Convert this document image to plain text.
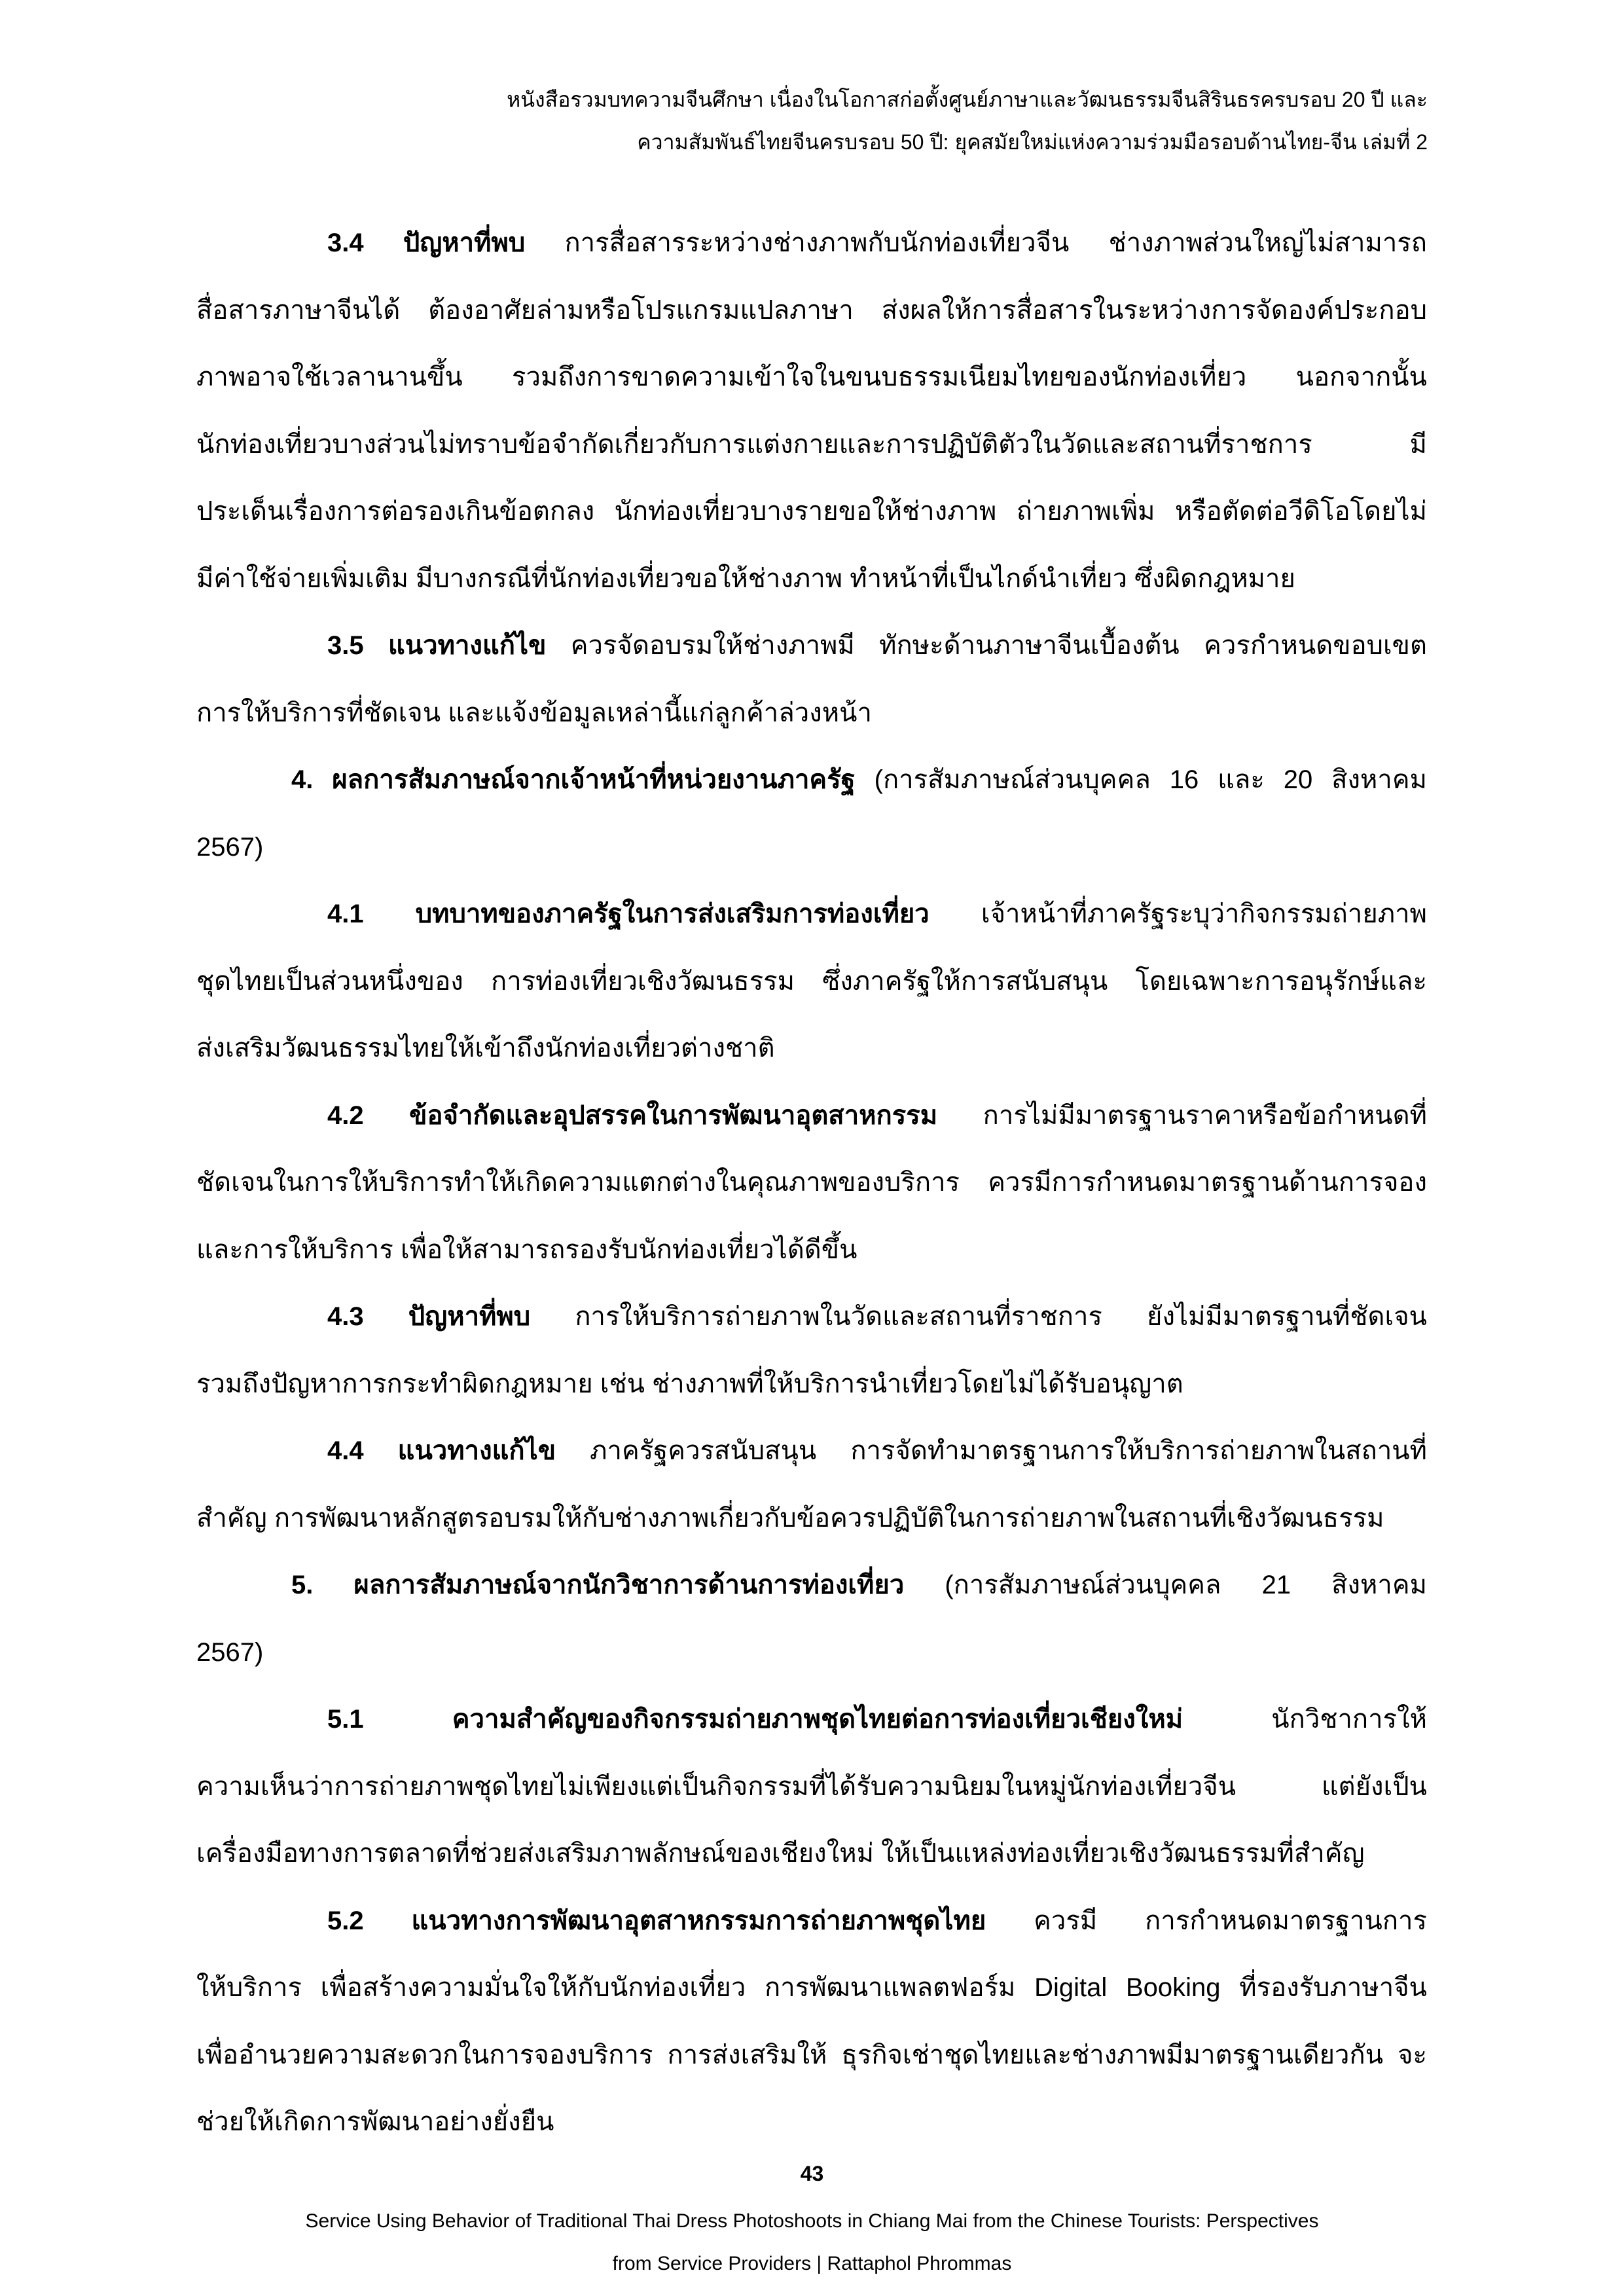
หนังสือรวมบทความจีนศึกษา เนื่องในโอกาสก่อตั้งศูนย์ภาษาและวัฒนธรรมจีนสิรินธรครบรอบ 20 ปี และ
ความสัมพันธ์ไทยจีนครบรอบ 50 ปี: ยุคสมัยใหม่แห่งความร่วมมือรอบด้านไทย-จีน เล่มที่ 2
3.4 ปัญหาที่พบ การสื่อสารระหว่างช่างภาพกับนักท่องเที่ยวจีน ช่างภาพส่วนใหญ่ไม่สามารถ
สื่อสารภาษาจีนได้ ต้องอาศัยล่ามหรือโปรแกรมแปลภาษา ส่งผลให้การสื่อสารในระหว่างการจัดองค์ประกอบ
ภาพอาจใช้เวลานานขึ้น รวมถึงการขาดความเข้าใจในขนบธรรมเนียมไทยของนักท่องเที่ยว นอกจากนั้น
นักท่องเที่ยวบางส่วนไม่ทราบข้อจำกัดเกี่ยวกับการแต่งกายและการปฏิบัติตัวในวัดและสถานที่ราชการ มี
ประเด็นเรื่องการต่อรองเกินข้อตกลง นักท่องเที่ยวบางรายขอให้ช่างภาพ ถ่ายภาพเพิ่ม หรือตัดต่อวีดิโอโดยไม่
มีค่าใช้จ่ายเพิ่มเติม มีบางกรณีที่นักท่องเที่ยวขอให้ช่างภาพ ทำหน้าที่เป็นไกด์นำเที่ยว ซึ่งผิดกฎหมาย
3.5 แนวทางแก้ไข ควรจัดอบรมให้ช่างภาพมี ทักษะด้านภาษาจีนเบื้องต้น ควรกำหนดขอบเขต
การให้บริการที่ชัดเจน และแจ้งข้อมูลเหล่านี้แก่ลูกค้าล่วงหน้า
4. ผลการสัมภาษณ์จากเจ้าหน้าที่หน่วยงานภาครัฐ (การสัมภาษณ์ส่วนบุคคล 16 และ 20 สิงหาคม
2567)
4.1 บทบาทของภาครัฐในการส่งเสริมการท่องเที่ยว เจ้าหน้าที่ภาครัฐระบุว่ากิจกรรมถ่ายภาพ
ชุดไทยเป็นส่วนหนึ่งของ การท่องเที่ยวเชิงวัฒนธรรม ซึ่งภาครัฐให้การสนับสนุน โดยเฉพาะการอนุรักษ์และ
ส่งเสริมวัฒนธรรมไทยให้เข้าถึงนักท่องเที่ยวต่างชาติ
4.2 ข้อจำกัดและอุปสรรคในการพัฒนาอุตสาหกรรม การไม่มีมาตรฐานราคาหรือข้อกำหนดที่
ชัดเจนในการให้บริการทำให้เกิดความแตกต่างในคุณภาพของบริการ ควรมีการกำหนดมาตรฐานด้านการจอง
และการให้บริการ เพื่อให้สามารถรองรับนักท่องเที่ยวได้ดีขึ้น
4.3 ปัญหาที่พบ การให้บริการถ่ายภาพในวัดและสถานที่ราชการ ยังไม่มีมาตรฐานที่ชัดเจน
รวมถึงปัญหาการกระทำผิดกฎหมาย เช่น ช่างภาพที่ให้บริการนำเที่ยวโดยไม่ได้รับอนุญาต
4.4 แนวทางแก้ไข ภาครัฐควรสนับสนุน การจัดทำมาตรฐานการให้บริการถ่ายภาพในสถานที่
สำคัญ การพัฒนาหลักสูตรอบรมให้กับช่างภาพเกี่ยวกับข้อควรปฏิบัติในการถ่ายภาพในสถานที่เชิงวัฒนธรรม
5. ผลการสัมภาษณ์จากนักวิชาการด้านการท่องเที่ยว (การสัมภาษณ์ส่วนบุคคล 21 สิงหาคม
2567)
5.1 ความสำคัญของกิจกรรมถ่ายภาพชุดไทยต่อการท่องเที่ยวเชียงใหม่ นักวิชาการให้
ความเห็นว่าการถ่ายภาพชุดไทยไม่เพียงแต่เป็นกิจกรรมที่ได้รับความนิยมในหมู่นักท่องเที่ยวจีน แต่ยังเป็น
เครื่องมือทางการตลาดที่ช่วยส่งเสริมภาพลักษณ์ของเชียงใหม่ ให้เป็นแหล่งท่องเที่ยวเชิงวัฒนธรรมที่สำคัญ
5.2 แนวทางการพัฒนาอุตสาหกรรมการถ่ายภาพชุดไทย ควรมี การกำหนดมาตรฐานการ
ให้บริการ เพื่อสร้างความมั่นใจให้กับนักท่องเที่ยว การพัฒนาแพลตฟอร์ม Digital Booking ที่รองรับภาษาจีน
เพื่ออำนวยความสะดวกในการจองบริการ การส่งเสริมให้ ธุรกิจเช่าชุดไทยและช่างภาพมีมาตรฐานเดียวกัน จะ
ช่วยให้เกิดการพัฒนาอย่างยั่งยืน
43
Service Using Behavior of Traditional Thai Dress Photoshoots in Chiang Mai from the Chinese Tourists: Perspectives
from Service Providers | Rattaphol Phrommas
